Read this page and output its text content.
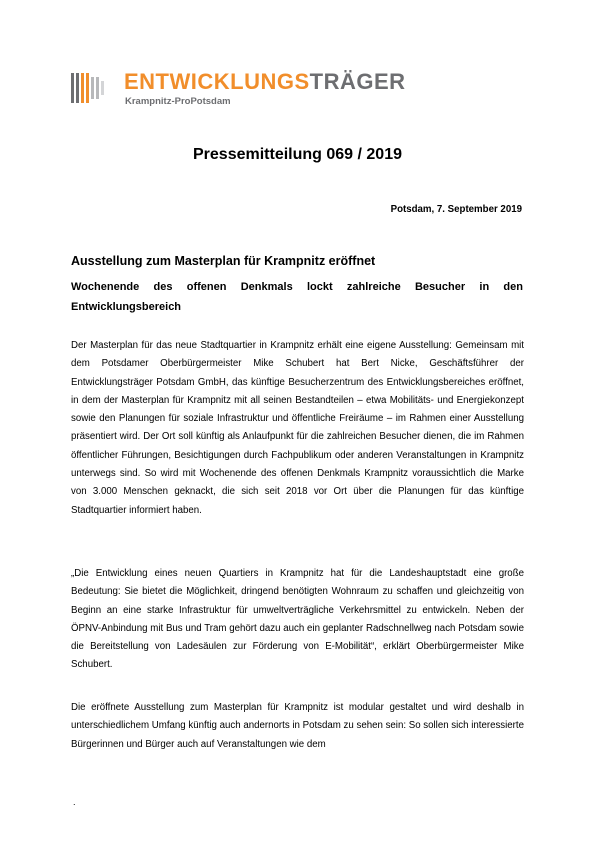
ENTWICKLUNGSTRÄGER
Krampnitz-ProPotsdam
Pressemitteilung 069 / 2019
Potsdam, 7. September 2019
Ausstellung zum Masterplan für Krampnitz eröffnet
Wochenende des offenen Denkmals lockt zahlreiche Besucher in den Entwicklungsbereich
Der Masterplan für das neue Stadtquartier in Krampnitz erhält eine eigene Ausstellung: Gemeinsam mit dem Potsdamer Oberbürgermeister Mike Schubert hat Bert Nicke, Geschäftsführer der Entwicklungsträger Potsdam GmbH, das künftige Besucherzentrum des Entwicklungsbereiches eröffnet, in dem der Masterplan für Krampnitz mit all seinen Bestandteilen – etwa Mobilitäts- und Energiekonzept sowie den Planungen für soziale Infrastruktur und öffentliche Freiräume – im Rahmen einer Ausstellung präsentiert wird. Der Ort soll künftig als Anlaufpunkt für die zahlreichen Besucher dienen, die im Rahmen öffentlicher Führungen, Besichtigungen durch Fachpublikum oder anderen Veranstaltungen in Krampnitz unterwegs sind. So wird mit Wochenende des offenen Denkmals Krampnitz voraussichtlich die Marke von 3.000 Menschen geknackt, die sich seit 2018 vor Ort über die Planungen für das künftige Stadtquartier informiert haben.
„Die Entwicklung eines neuen Quartiers in Krampnitz hat für die Landeshauptstadt eine große Bedeutung: Sie bietet die Möglichkeit, dringend benötigten Wohnraum zu schaffen und gleichzeitig von Beginn an eine starke Infrastruktur für umweltverträgliche Verkehrsmittel zu entwickeln. Neben der ÖPNV-Anbindung mit Bus und Tram gehört dazu auch ein geplanter Radschnellweg nach Potsdam sowie die Bereitstellung von Ladesäulen zur Förderung von E-Mobilität“, erklärt Oberbürgermeister Mike Schubert.
Die eröffnete Ausstellung zum Masterplan für Krampnitz ist modular gestaltet und wird deshalb in unterschiedlichem Umfang künftig auch andernorts in Potsdam zu sehen sein: So sollen sich interessierte Bürgerinnen und Bürger auch auf Veranstaltungen wie dem
.
